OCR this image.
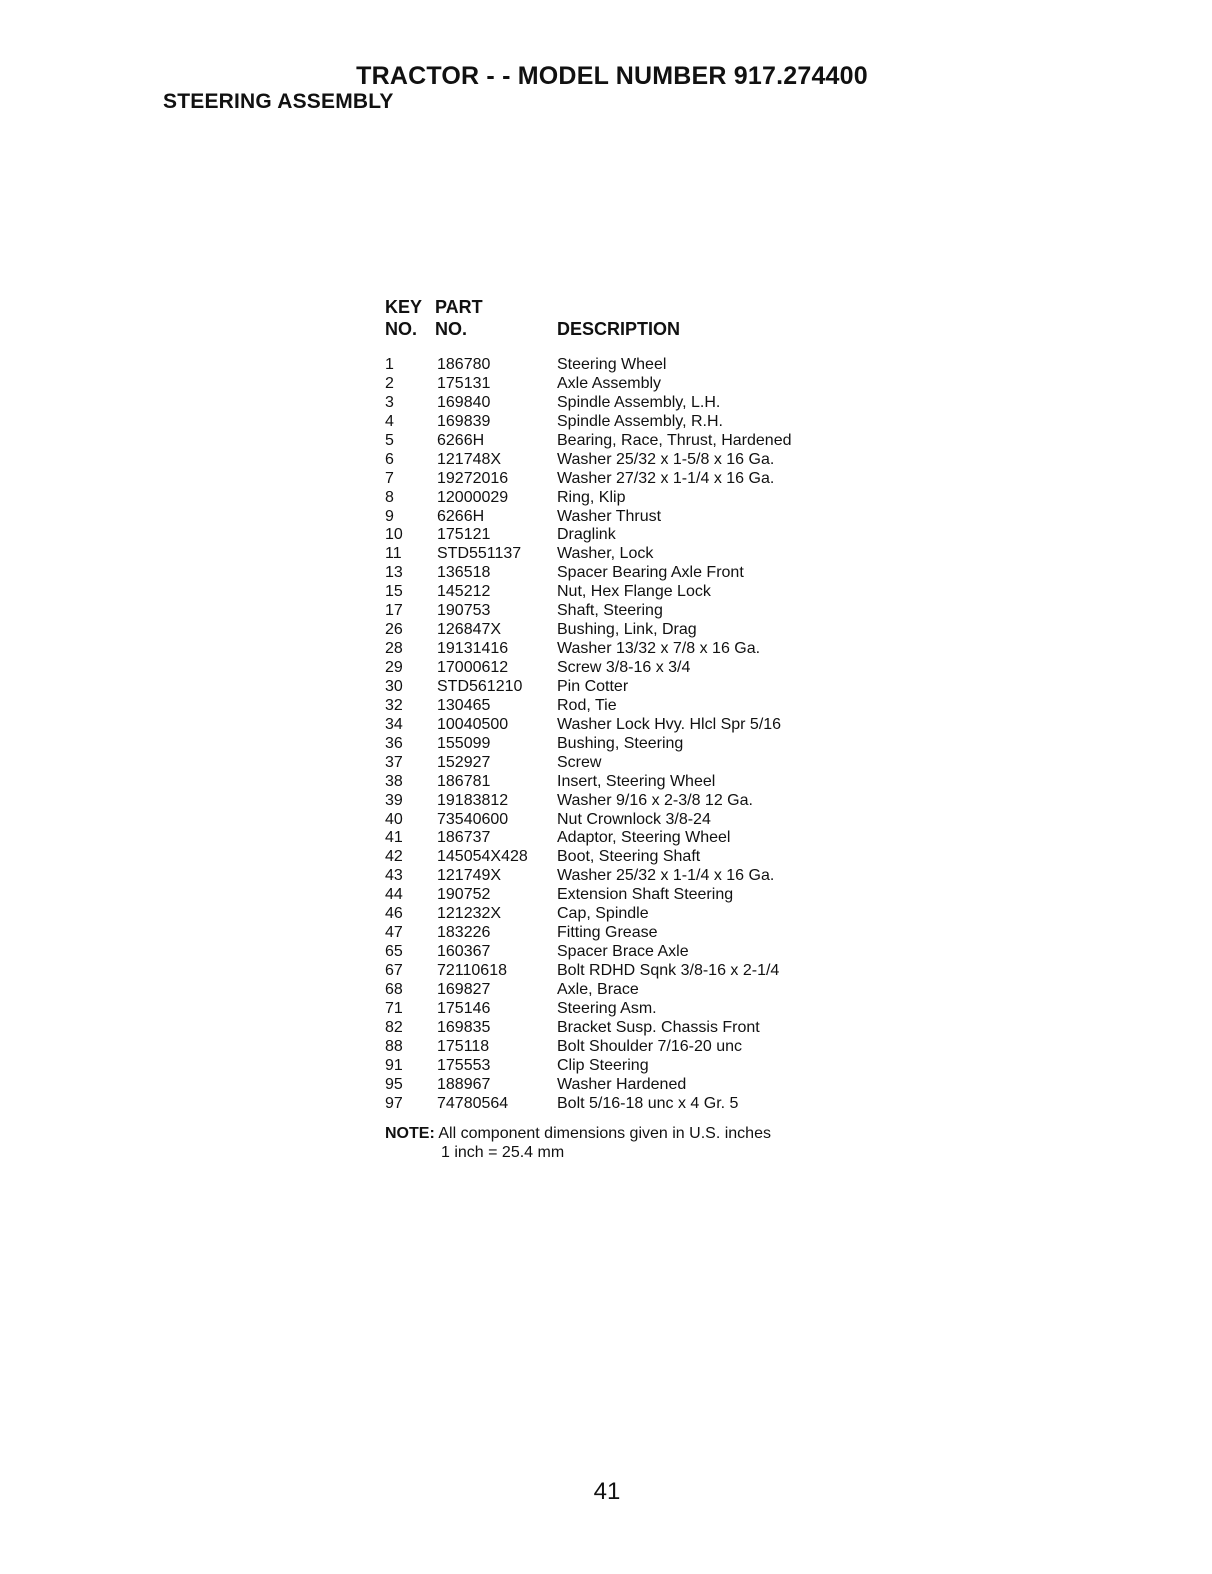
TRACTOR - - MODEL NUMBER 917.274400
STEERING ASSEMBLY
KEY
NO.
PART
NO.	DESCRIPTION
1	186780	Steering Wheel
2	175131	Axle Assembly
3	169840	Spindle Assembly, L.H.
4	169839	Spindle Assembly, R.H.
5	6266H	Bearing, Race, Thrust, Hardened
6	121748X	Washer 25/32 x 1-5/8 x 16 Ga.
7	19272016	Washer 27/32 x 1-1/4 x 16 Ga.
8	12000029	Ring, Klip
9	6266H	Washer Thrust
10 175121	Draglink
11 STD551137 Washer, Lock
13 136518	Spacer Bearing Axle Front
15 145212	Nut, Hex Flange Lock
17 190753	Shaft, Steering
26 126847X	Bushing, Link, Drag
28 19131416	Washer 13/32 x 7/8 x 16 Ga.
29 17000612	Screw 3/8-16 x 3/4
30 STD561210 Pin Cotter
32 130465	Rod, Tie
34 10040500	Washer Lock Hvy. Hlcl Spr 5/16
36 155099	Bushing, Steering
37 152927	Screw
38 186781	Insert, Steering Wheel
39 19183812	Washer 9/16 x 2-3/8 12 Ga.
40 73540600	Nut Crownlock 3/8-24
41 186737	Adaptor, Steering Wheel
42 145054X428 Boot, Steering Shaft
43 121749X	Washer 25/32 x 1-1/4 x 16 Ga.
44 190752	Extension Shaft Steering
46 121232X	Cap, Spindle
47 183226	Fitting Grease
65 160367	Spacer Brace Axle
67 72110618	Bolt RDHD Sqnk 3/8-16 x 2-1/4
68 169827	Axle, Brace
71 175146	Steering Asm.
82 169835	Bracket Susp. Chassis Front
88 175118	Bolt Shoulder 7/16-20 unc
91 175553	Clip Steering
95 188967	Washer Hardened
97 74780564	Bolt 5/16-18 unc x 4 Gr. 5
NOTE: All component dimensions given in U.S. inches
1 inch = 25.4 mm
41
